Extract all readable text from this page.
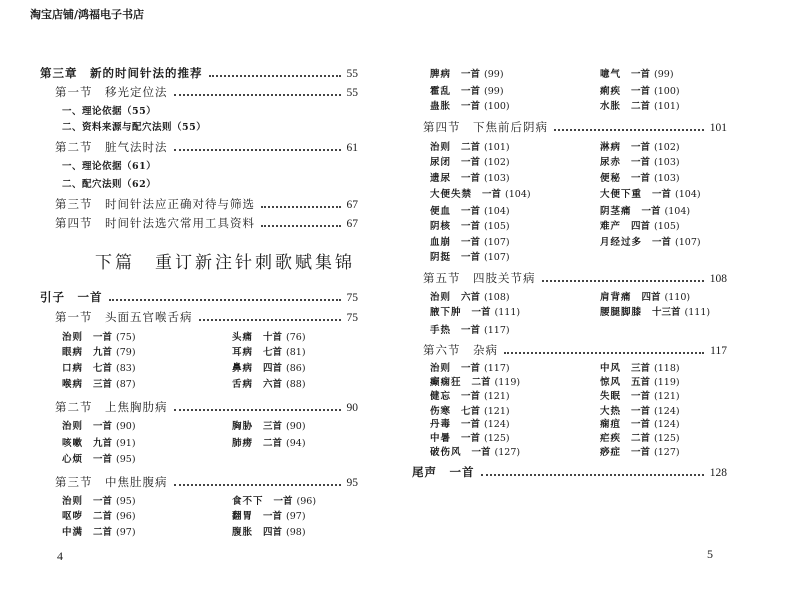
淘宝店铺/鸿福电子书店
第三章　新的时间针法的推荐	55
第一节　移光定位法	55
一、理论依据（55）
二、资料来源与配穴法则（55）
第二节　脏气法时法	61
一、理论依据（61）
二、配穴法则（62）
第三节　时间针法应正确对待与筛选	67
第四节　时间针法选穴常用工具资料	67
下篇　重订新注针刺歌赋集锦
引子　一首	75
第一节　头面五官喉舌病	75
治则 一首 (75)	头痛 十首 (76)
眼病 九首 (79)	耳病 七首 (81)
口病 七首 (83)	鼻病 四首 (86)
喉病 三首 (87)	舌病 六首 (88)
第二节　上焦胸肋病	90
治则 一首 (90)	胸胁 三首 (90)
咳嗽 九首 (91)	肺痨 二首 (94)
心烦 一首 (95)
第三节　中焦肚腹病	95
治则 一首 (95)	食不下 一首 (96)
呕哕 二首 (96)	翻胃 一首 (97)
中满 二首 (97)	腹胀 四首 (98)
脾病 一首 (99)	噫气 一首 (99)
霍乱 一首 (99)	痢疾 一首 (100)
蛊胀 一首 (100)	水胀 二首 (101)
第四节　下焦前后阴病	101
治则 二首 (101)	淋病 一首 (102)
尿闭 一首 (102)	尿赤 一首 (103)
遗尿 一首 (103)	便秘 一首 (103)
大便失禁 一首 (104)	大便下重 一首 (104)
便血 一首 (104)	阴茎痛 一首 (104)
阴核 一首 (105)	难产 四首 (105)
血崩 一首 (107)	月经过多 一首 (107)
阴挺 一首 (107)
第五节　四肢关节病	108
治则 六首 (108)	肩背痛 四首 (110)
腋下肿 一首 (111)	腰腿脚膝 十三首 (111)
手热 一首 (117)
第六节　杂病	117
治则 一首 (117)	中风 三首 (118)
癫痫狂 二首 (119)	惊风 五首 (119)
健忘 一首 (121)	失眠 一首 (121)
伤寒 七首 (121)	大热 一首 (124)
丹毒 一首 (124)	痫疽 一首 (124)
中暑 一首 (125)	疟疾 二首 (125)
破伤风 一首 (127)	痧症 一首 (127)
尾声　一首	128
4	5
